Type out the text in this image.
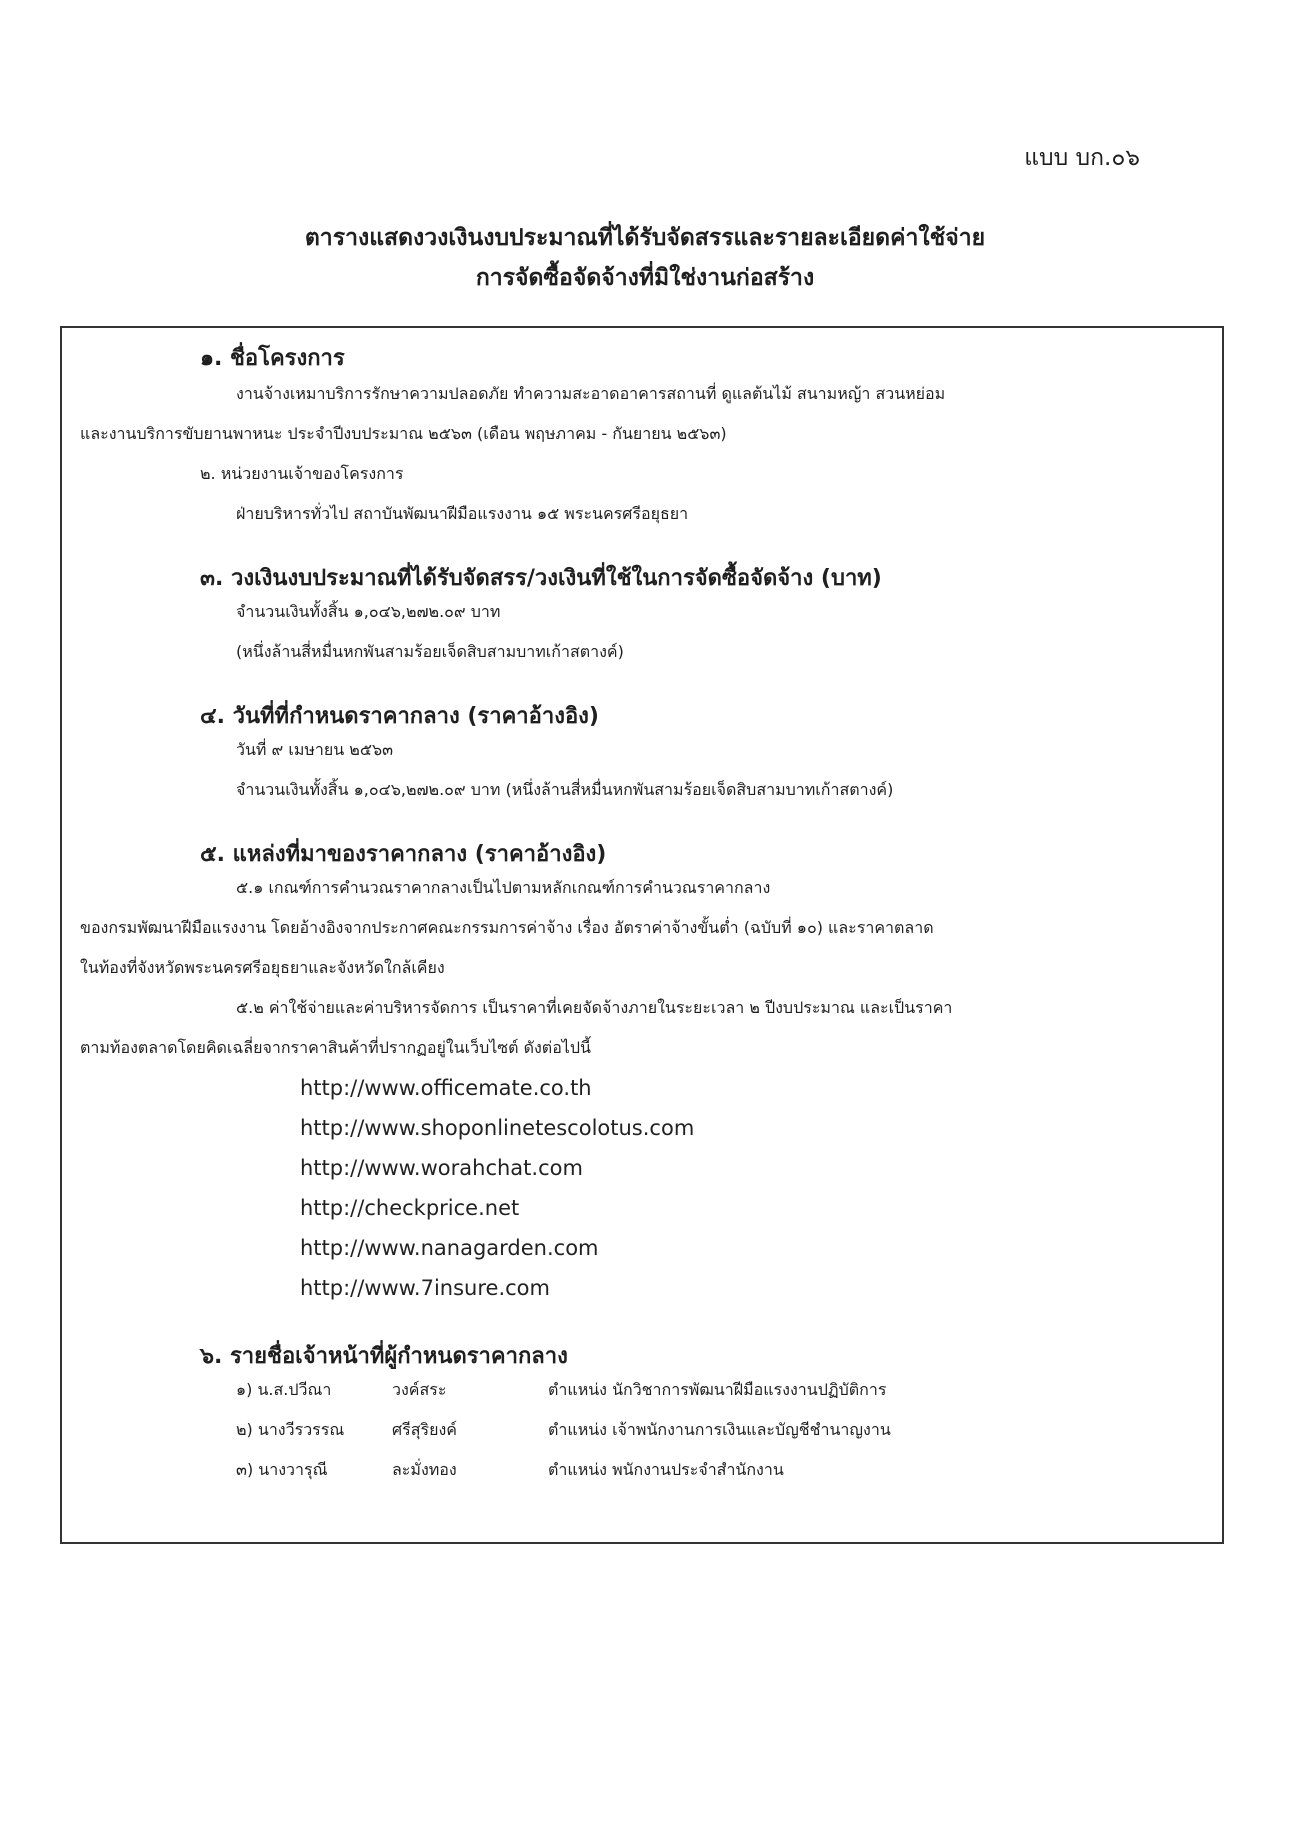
แบบ บก.๐๖
ตารางแสดงวงเงินงบประมาณที่ได้รับจัดสรรและรายละเอียดค่าใช้จ่าย
การจัดซื้อจัดจ้างที่มิใช่งานก่อสร้าง
๑. ชื่อโครงการ
งานจ้างเหมาบริการรักษาความปลอดภัย ทำความสะอาดอาคารสถานที่ ดูแลต้นไม้ สนามหญ้า สวนหย่อม
และงานบริการขับยานพาหนะ ประจำปีงบประมาณ ๒๕๖๓ (เดือน พฤษภาคม - กันยายน ๒๕๖๓)
๒. หน่วยงานเจ้าของโครงการ
ฝ่ายบริหารทั่วไป สถาบันพัฒนาฝีมือแรงงาน ๑๕ พระนครศรีอยุธยา
๓. วงเงินงบประมาณที่ได้รับจัดสรร/วงเงินที่ใช้ในการจัดซื้อจัดจ้าง (บาท)
จำนวนเงินทั้งสิ้น ๑,๐๔๖,๒๗๒.๐๙ บาท
(หนึ่งล้านสี่หมื่นหกพันสามร้อยเจ็ดสิบสามบาทเก้าสตางค์)
๔. วันที่ที่กำหนดราคากลาง (ราคาอ้างอิง)
วันที่ ๙ เมษายน ๒๕๖๓
จำนวนเงินทั้งสิ้น ๑,๐๔๖,๒๗๒.๐๙ บาท (หนึ่งล้านสี่หมื่นหกพันสามร้อยเจ็ดสิบสามบาทเก้าสตางค์)
๕. แหล่งที่มาของราคากลาง (ราคาอ้างอิง)
๕.๑ เกณฑ์การคำนวณราคากลางเป็นไปตามหลักเกณฑ์การคำนวณราคากลาง
ของกรมพัฒนาฝีมือแรงงาน โดยอ้างอิงจากประกาศคณะกรรมการค่าจ้าง เรื่อง อัตราค่าจ้างขั้นต่ำ (ฉบับที่ ๑๐) และราคาตลาด
ในท้องที่จังหวัดพระนครศรีอยุธยาและจังหวัดใกล้เคียง
๕.๒ ค่าใช้จ่ายและค่าบริหารจัดการ เป็นราคาที่เคยจัดจ้างภายในระยะเวลา ๒ ปีงบประมาณ และเป็นราคา
ตามท้องตลาดโดยคิดเฉลี่ยจากราคาสินค้าที่ปรากฏอยู่ในเว็บไซต์ ดังต่อไปนี้
http://www.officemate.co.th
http://www.shoponlinetescolotus.com
http://www.worahchat.com
http://checkprice.net
http://www.nanagarden.com
http://www.7insure.com
๖. รายชื่อเจ้าหน้าที่ผู้กำหนดราคากลาง
๑) น.ส.ปวีณา	วงค์สระ	ตำแหน่ง นักวิชาการพัฒนาฝีมือแรงงานปฏิบัติการ
๒) นางวีรวรรณ	ศรีสุริยงค์	ตำแหน่ง เจ้าพนักงานการเงินและบัญชีชำนาญงาน
๓) นางวารุณี	ละมั่งทอง	ตำแหน่ง พนักงานประจำสำนักงาน
